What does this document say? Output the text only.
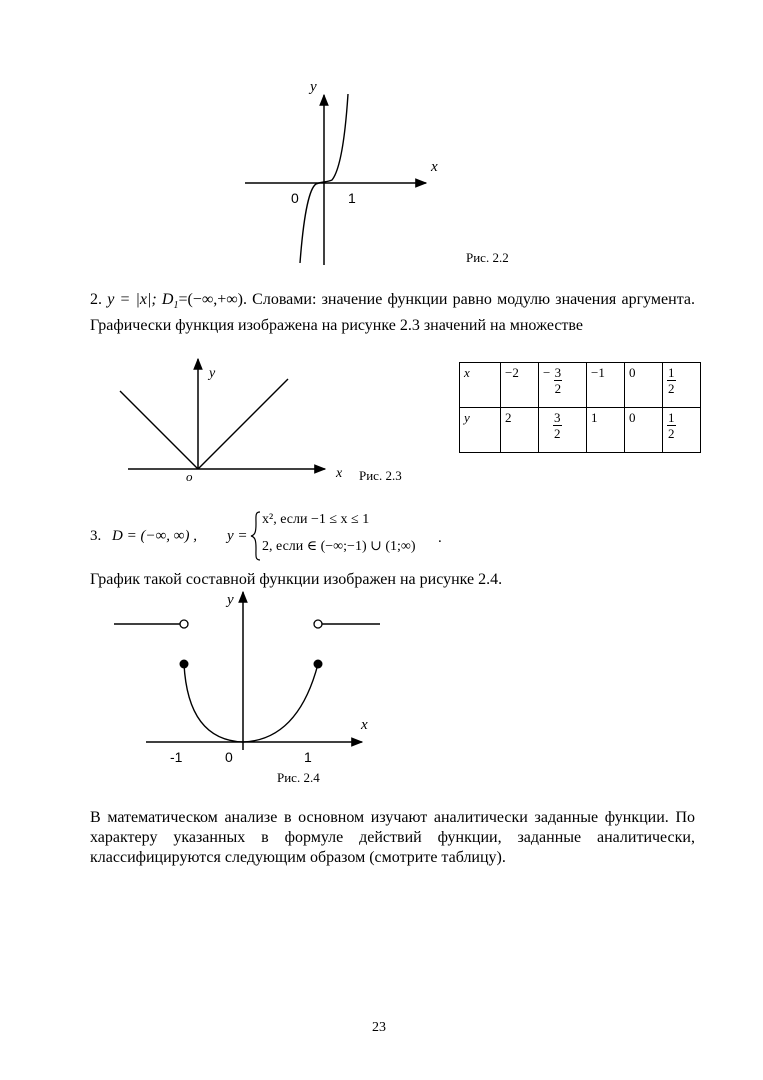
y
x
0	1
Рис. 2.2
2. y = |x|; $D_1=(-\infty,+\infty)$. Словами: значение функции равно модулю значения аргумента. Графически функция изображена на рисунке 2.3 значений на множестве
y
o	x Рис. 2.3
x	−2	− $\frac{3}{2}$	−1	0	$\frac{1}{2}$

y	2	$\frac{3}{2}$	1	0	$\frac{1}{2}$
3. D = (−∞, ∞) , y =
x², если −1 ≤ x ≤ 1
2, если ∈ (−∞;−1) ∪ (1;∞)
.
График такой составной функции изображен на рисунке 2.4.
y
x
-1	0	1
Рис. 2.4
В математическом анализе в основном изучают аналитически заданные функции. По характеру указанных в формуле действий функции, заданные аналитически, классифицируются следующим образом (смотрите таблицу).
23
